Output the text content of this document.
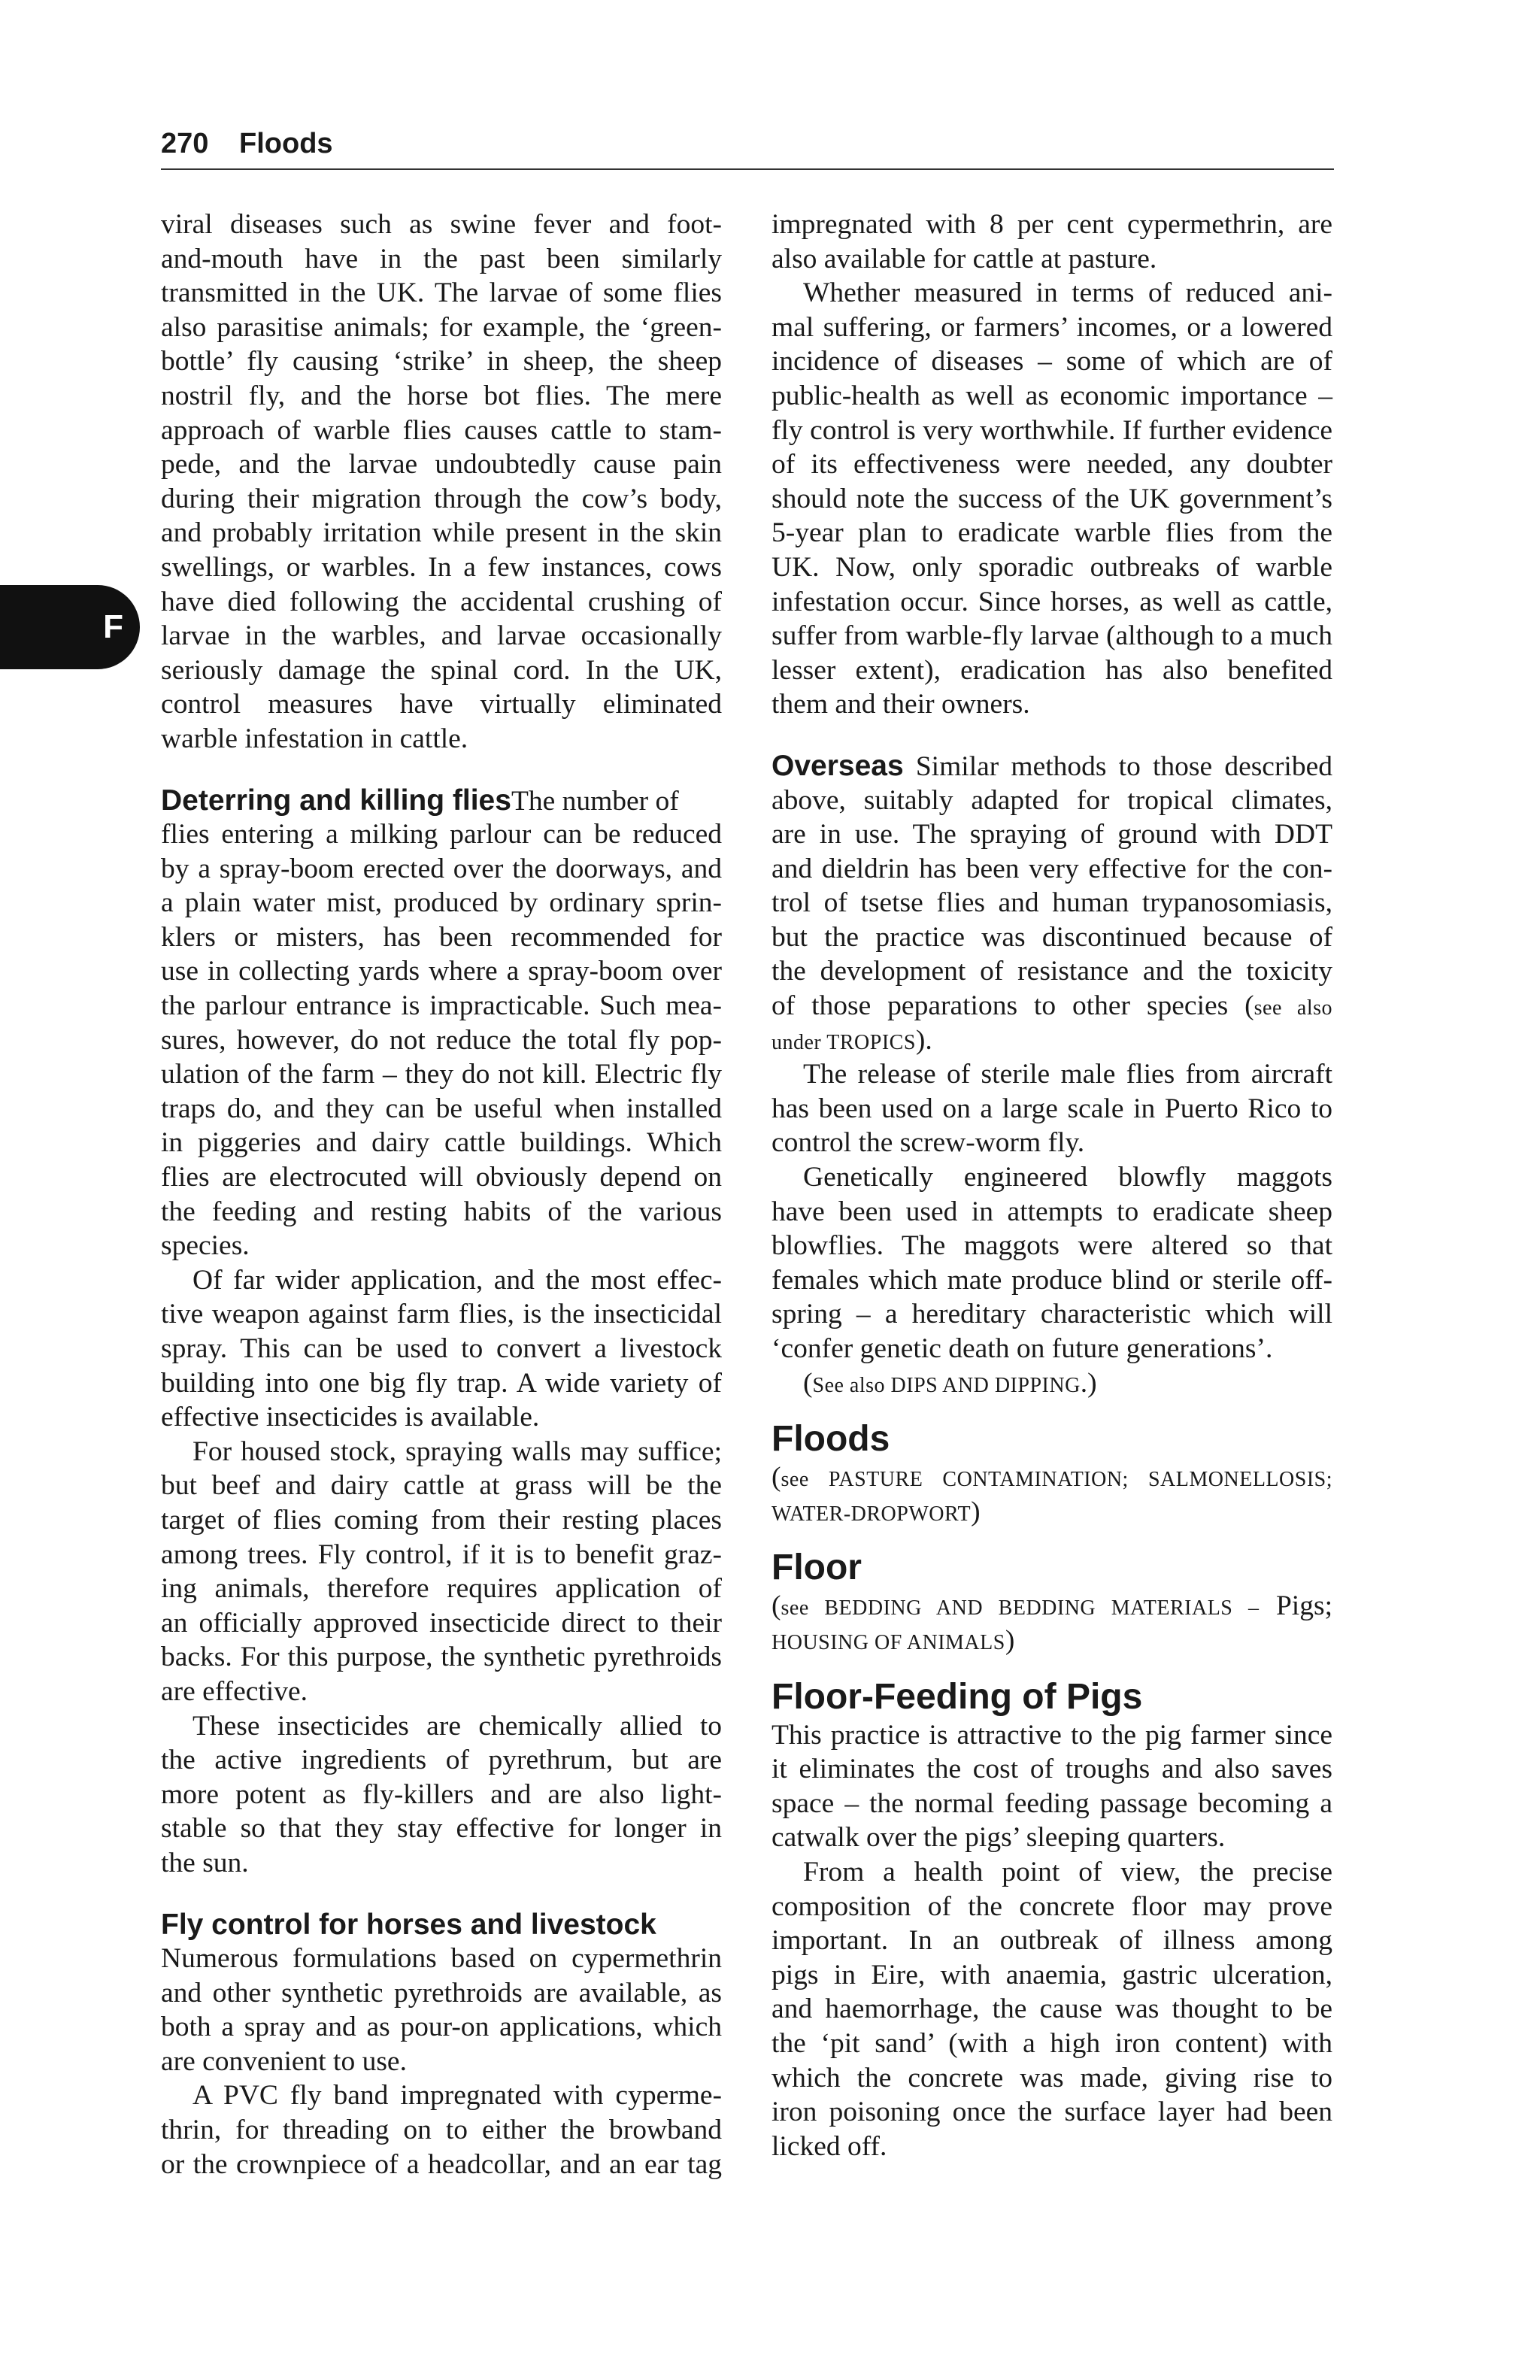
270 Floods
F
viral diseases such as swine fever and foot-
and-mouth have in the past been similarly
transmitted in the UK. The larvae of some flies
also parasitise animals; for example, the ‘green-
bottle’ fly causing ‘strike’ in sheep, the sheep
nostril fly, and the horse bot flies. The mere
approach of warble flies causes cattle to stam-
pede, and the larvae undoubtedly cause pain
during their migration through the cow’s body,
and probably irritation while present in the skin
swellings, or warbles. In a few instances, cows
have died following the accidental crushing of
larvae in the warbles, and larvae occasionally
seriously damage the spinal cord. In the UK,
control measures have virtually eliminated
warble infestation in cattle.
Deterring and killing fliesThe number of
flies entering a milking parlour can be reduced
by a spray-boom erected over the doorways, and
a plain water mist, produced by ordinary sprin-
klers or misters, has been recommended for
use in collecting yards where a spray-boom over
the parlour entrance is impracticable. Such mea-
sures, however, do not reduce the total fly pop-
ulation of the farm – they do not kill. Electric fly
traps do, and they can be useful when installed
in piggeries and dairy cattle buildings. Which
flies are electrocuted will obviously depend on
the feeding and resting habits of the various
species.
Of far wider application, and the most effec-
tive weapon against farm flies, is the insecticidal
spray. This can be used to convert a livestock
building into one big fly trap. A wide variety of
effective insecticides is available.
For housed stock, spraying walls may suffice;
but beef and dairy cattle at grass will be the
target of flies coming from their resting places
among trees. Fly control, if it is to benefit graz-
ing animals, therefore requires application of
an officially approved insecticide direct to their
backs. For this purpose, the synthetic pyrethroids
are effective.
These insecticides are chemically allied to
the active ingredients of pyrethrum, but are
more potent as fly-killers and are also light-
stable so that they stay effective for longer in
the sun.
Fly control for horses and livestock
Numerous formulations based on cypermethrin
and other synthetic pyrethroids are available, as
both a spray and as pour-on applications, which
are convenient to use.
A PVC fly band impregnated with cyperme-
thrin, for threading on to either the browband
or the crownpiece of a headcollar, and an ear tag
impregnated with 8 per cent cypermethrin, are
also available for cattle at pasture.
Whether measured in terms of reduced ani-
mal suffering, or farmers’ incomes, or a lowered
incidence of diseases – some of which are of
public-health as well as economic importance –
fly control is very worthwhile. If further evidence
of its effectiveness were needed, any doubter
should note the success of the UK government’s
5-year plan to eradicate warble flies from the
UK. Now, only sporadic outbreaks of warble
infestation occur. Since horses, as well as cattle,
suffer from warble-fly larvae (although to a much
lesser extent), eradication has also benefited
them and their owners.
Overseas Similar methods to those described
above, suitably adapted for tropical climates,
are in use. The spraying of ground with DDT
and dieldrin has been very effective for the con-
trol of tsetse flies and human trypanosomiasis,
but the practice was discontinued because of
the development of resistance and the toxicity
of those peparations to other species (see also
under TROPICS).
The release of sterile male flies from aircraft
has been used on a large scale in Puerto Rico to
control the screw-worm fly.
Genetically engineered blowfly maggots
have been used in attempts to eradicate sheep
blowflies. The maggots were altered so that
females which mate produce blind or sterile off-
spring – a hereditary characteristic which will
‘confer genetic death on future generations’.
(See also DIPS AND DIPPING.)
Floods
(see PASTURE CONTAMINATION; SALMONELLOSIS;
WATER-DROPWORT)
Floor
(see BEDDING AND BEDDING MATERIALS – Pigs;
HOUSING OF ANIMALS)
Floor-Feeding of Pigs
This practice is attractive to the pig farmer since
it eliminates the cost of troughs and also saves
space – the normal feeding passage becoming a
catwalk over the pigs’ sleeping quarters.
From a health point of view, the precise
composition of the concrete floor may prove
important. In an outbreak of illness among
pigs in Eire, with anaemia, gastric ulceration,
and haemorrhage, the cause was thought to be
the ‘pit sand’ (with a high iron content) with
which the concrete was made, giving rise to
iron poisoning once the surface layer had been
licked off.
